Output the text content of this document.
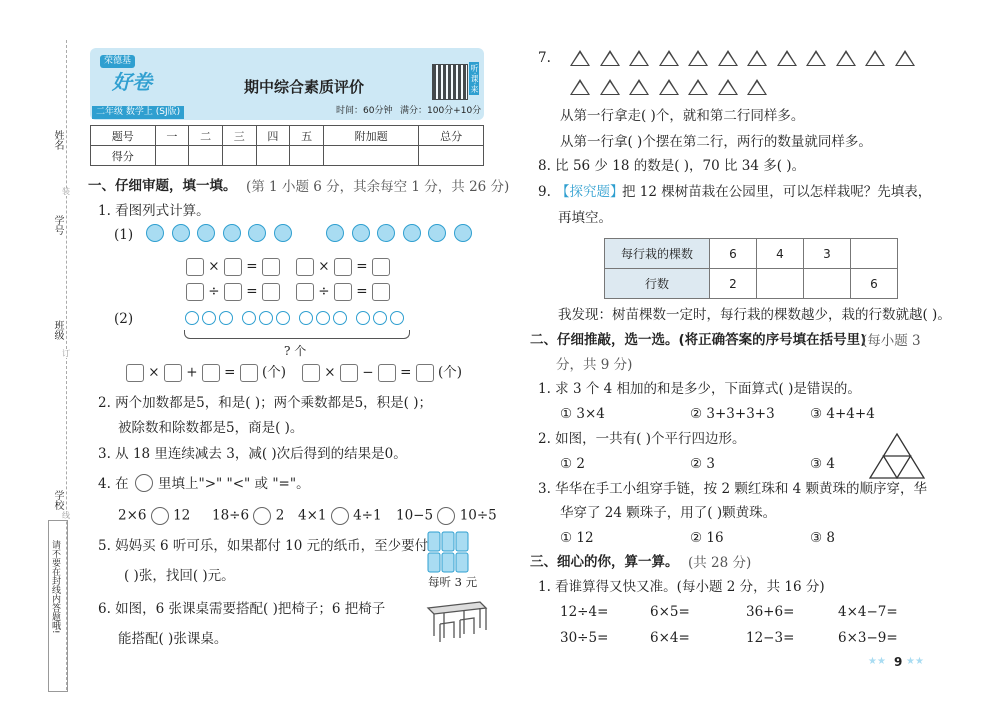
姓名
学号
班级
学校
装
订
线
请不要在封线内答题哦!
荣德基
好卷
二年级 数学上 (SJ版)
期中综合素质评价	听·课·来
时间：60分钟 满分：100分+10分
题号	一	二	三	四	五	附加题	总分
得分							
一、仔细审题，填一填。 (第 1 小题 6 分，其余每空 1 分，共 26 分)
1. 看图列式计算。
(1)
× =
÷ =
× =
÷ =
(2)
? 个
× + = (个)	× − = (个)
2. 两个加数都是5，和是( )；两个乘数都是5，积是( )；
被除数和除数都是5，商是( )。
3. 从 18 里连续减去 3，减( )次后得到的结果是0。
4. 在 里填上">" "<" 或 "="。
2×6 12 18÷6 2 4×1 4÷1 10−5 10÷5
5. 妈妈买 6 听可乐，如果都付 10 元的纸币，至少要付
( )张，找回( )元。	每听 3 元
6. 如图，6 张课桌需要搭配( )把椅子；6 把椅子
能搭配( )张课桌。
7.
从第一行拿走( )个，就和第二行同样多。
从第一行拿( )个摆在第二行，两行的数量就同样多。
8. 比 56 少 18 的数是( )，70 比 34 多( )。
9. 【探究题】
把 12 棵树苗栽在公园里，可以怎样栽呢？先填表，
再填空。
每行栽的棵数	6	4	3	
行数	2			6
我发现：树苗棵数一定时，每行栽的棵数越少，栽的行数就越( )。
二、仔细推敲，选一选。(将正确答案的序号填在括号里)
(每小题 3
分，共 9 分)
1. 求 3 个 4 相加的和是多少，下面算式( )是错误的。
① 3×4	② 3+3+3+3	③ 4+4+4
2. 如图，一共有( )个平行四边形。
① 2	② 3	③ 4
3. 华华在手工小组穿手链，按 2 颗红珠和 4 颗黄珠的顺序穿，华
华穿了 24 颗珠子，用了( )颗黄珠。
① 12	② 16	③ 8
三、细心的你，算一算。 (共 28 分)
1. 看谁算得又快又准。(每小题 2 分，共 16 分)
12÷4=	6×5=	36+6=	4×4−7=
30÷5=	6×4=	12−3=	6×3−9=
★★ 9 ★★
